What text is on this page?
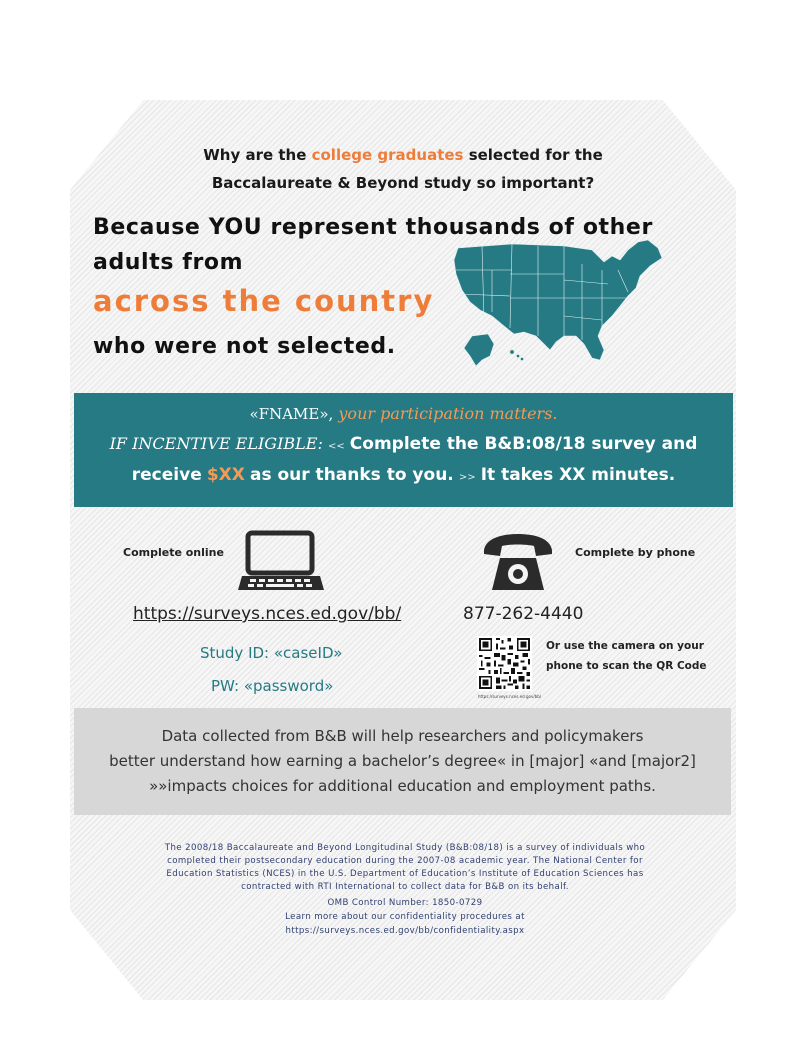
Why are the college graduates selected for the
Baccalaureate & Beyond study so important?
Because YOU represent thousands of other
adults from
across the country
who were not selected.
«FNAME», your participation matters.
IF INCENTIVE ELIGIBLE: << Complete the B&B:08/18 survey and
receive $XX as our thanks to you. >> It takes XX minutes.
Complete online
https://surveys.nces.ed.gov/bb/
Study ID: «caseID»
PW: «password»
Complete by phone
877-262-4440
https://surveys.nces.ed.gov/bb/
Or use the camera on your
phone to scan the QR Code
Data collected from B&B will help researchers and policymakers
better understand how earning a bachelor’s degree« in [major] «and [major2]
»»impacts choices for additional education and employment paths.
The 2008/18 Baccalaureate and Beyond Longitudinal Study (B&B:08/18) is a survey of individuals who
completed their postsecondary education during the 2007-08 academic year. The National Center for
Education Statistics (NCES) in the U.S. Department of Education’s Institute of Education Sciences has
contracted with RTI International to collect data for B&B on its behalf.
OMB Control Number: 1850-0729
Learn more about our confidentiality procedures at
https://surveys.nces.ed.gov/bb/confidentiality.aspx
